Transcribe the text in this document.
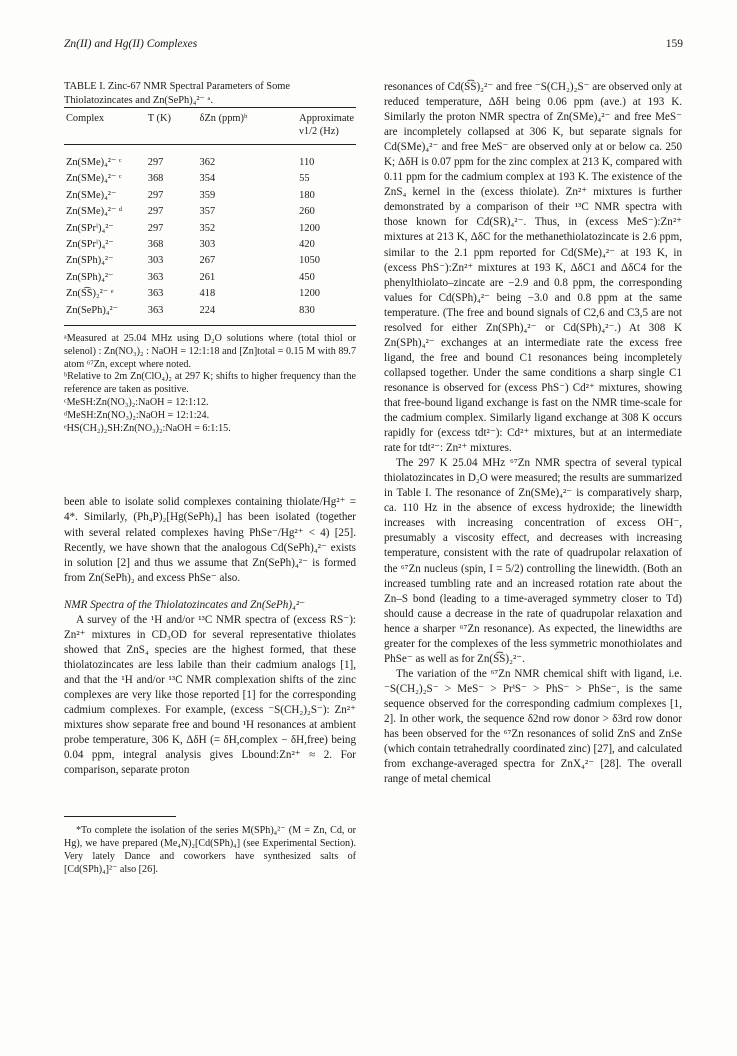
Zn(II) and Hg(II) Complexes	159

TABLE I. Zinc-67 NMR Spectral Parameters of Some Thiolatozincates and Zn(SePh)₄²⁻ ᵃ.

Complex	T (K)	δZn (ppm)ᵇ	Approximate ν1/2 (Hz)
Zn(SMe)₄²⁻ ᶜ	297	362	110
Zn(SMe)₄²⁻ ᶜ	368	354	55
Zn(SMe)₄²⁻	297	359	180
Zn(SMe)₄²⁻ ᵈ	297	357	260
Zn(SPrⁱ)₄²⁻	297	352	1200
Zn(SPrⁱ)₄²⁻	368	303	420
Zn(SPh)₄²⁻	303	267	1050
Zn(SPh)₄²⁻	363	261	450
Zn(S͡S)₂²⁻ ᵉ	363	418	1200
Zn(SePh)₄²⁻	363	224	830

ᵃMeasured at 25.04 MHz using D₂O solutions where (total thiol or selenol) : Zn(NO₃)₂ : NaOH = 12:1:18 and [Zn]total = 0.15 M with 89.7 atom ⁶⁷Zn, except where noted.

ᵇRelative to 2m Zn(ClO₄)₂ at 297 K; shifts to higher frequency than the reference are taken as positive.

ᶜMeSH:Zn(NO₃)₂:NaOH = 12:1:12.

ᵈMeSH:Zn(NO₃)₂:NaOH = 12:1:24.

ᵉHS(CH₂)₂SH:Zn(NO₃)₂:NaOH = 6:1:15.

been able to isolate solid complexes containing thiolate/Hg²⁺ = 4*. Similarly, (Ph₄P)₂[Hg(SePh)₄] has been isolated (together with several related complexes having PhSe⁻/Hg²⁺ < 4) [25]. Recently, we have shown that the analogous Cd(SePh)₄²⁻ exists in solution [2] and thus we assume that Zn(SePh)₄²⁻ is formed from Zn(SePh)₂ and excess PhSe⁻ also.

NMR Spectra of the Thiolatozincates and Zn(SePh)₄²⁻

A survey of the ¹H and/or ¹³C NMR spectra of (excess RS⁻): Zn²⁺ mixtures in CD₃OD for several representative thiolates showed that ZnS₄ species are the highest formed, that these thiolatozincates are less labile than their cadmium analogs [1], and that the ¹H and/or ¹³C NMR complexation shifts of the zinc complexes are very like those reported [1] for the corresponding cadmium complexes. For example, (excess ⁻S(CH₂)₂S⁻): Zn²⁺ mixtures show separate free and bound ¹H resonances at ambient probe temperature, 306 K, ΔδH (= δH,complex − δH,free) being 0.04 ppm, integral analysis gives Lbound:Zn²⁺ ≈ 2. For comparison, separate proton

*To complete the isolation of the series M(SPh)₄²⁻ (M = Zn, Cd, or Hg), we have prepared (Me₄N)₂[Cd(SPh)₄] (see Experimental Section). Very lately Dance and coworkers have synthesized salts of [Cd(SPh)₄]²⁻ also [26].

resonances of Cd(S͡S)₂²⁻ and free ⁻S(CH₂)₂S⁻ are observed only at reduced temperature, ΔδH being 0.06 ppm (ave.) at 193 K. Similarly the proton NMR spectra of Zn(SMe)₄²⁻ and free MeS⁻ are incompletely collapsed at 306 K, but separate signals for Cd(SMe)₄²⁻ and free MeS⁻ are observed only at or below ca. 250 K; ΔδH is 0.07 ppm for the zinc complex at 213 K, compared with 0.11 ppm for the cadmium complex at 193 K. The existence of the ZnS₄ kernel in the (excess thiolate). Zn²⁺ mixtures is further demonstrated by a comparison of their ¹³C NMR spectra with those known for Cd(SR)₄²⁻. Thus, in (excess MeS⁻):Zn²⁺ mixtures at 213 K, ΔδC for the methanethiolatozincate is 2.6 ppm, similar to the 2.1 ppm reported for Cd(SMe)₄²⁻ at 193 K, in (excess PhS⁻):Zn²⁺ mixtures at 193 K, ΔδC1 and ΔδC4 for the phenylthiolato–zincate are −2.9 and 0.8 ppm, the corresponding values for Cd(SPh)₄²⁻ being −3.0 and 0.8 ppm at the same temperature. (The free and bound signals of C2,6 and C3,5 are not resolved for either Zn(SPh)₄²⁻ or Cd(SPh)₄²⁻.) At 308 K Zn(SPh)₄²⁻ exchanges at an intermediate rate the excess free ligand, the free and bound C1 resonances being incompletely collapsed together. Under the same conditions a sharp single C1 resonance is observed for (excess PhS⁻) Cd²⁺ mixtures, showing that free-bound ligand exchange is fast on the NMR time-scale for the cadmium complex. Similarly ligand exchange at 308 K occurs rapidly for (excess tdt²⁻): Cd²⁺ mixtures, but at an intermediate rate for tdt²⁻: Zn²⁺ mixtures.

The 297 K 25.04 MHz ⁶⁷Zn NMR spectra of several typical thiolatozincates in D₂O were measured; the results are summarized in Table I. The resonance of Zn(SMe)₄²⁻ is comparatively sharp, ca. 110 Hz in the absence of excess hydroxide; the linewidth increases with increasing concentration of excess OH⁻, presumably a viscosity effect, and decreases with increasing temperature, consistent with the rate of quadrupolar relaxation of the ⁶⁷Zn nucleus (spin, I = 5/2) controlling the linewidth. (Both an increased tumbling rate and an increased rotation rate about the Zn–S bond (leading to a time-averaged symmetry closer to Td) should cause a decrease in the rate of quadrupolar relaxation and hence a sharper ⁶⁷Zn resonance). As expected, the linewidths are greater for the complexes of the less symmetric monothiolates and PhSe⁻ as well as for Zn(S͡S)₂²⁻.

The variation of the ⁶⁷Zn NMR chemical shift with ligand, i.e. ⁻S(CH₂)₂S⁻ > MeS⁻ > PrⁱS⁻ > PhS⁻ > PhSe⁻, is the same sequence observed for the corresponding cadmium complexes [1, 2]. In other work, the sequence δ2nd row donor > δ3rd row donor has been observed for the ⁶⁷Zn resonances of solid ZnS and ZnSe (which contain tetrahedrally coordinated zinc) [27], and calculated from exchange-averaged spectra for ZnX₄²⁻ [28]. The overall range of metal chemical
